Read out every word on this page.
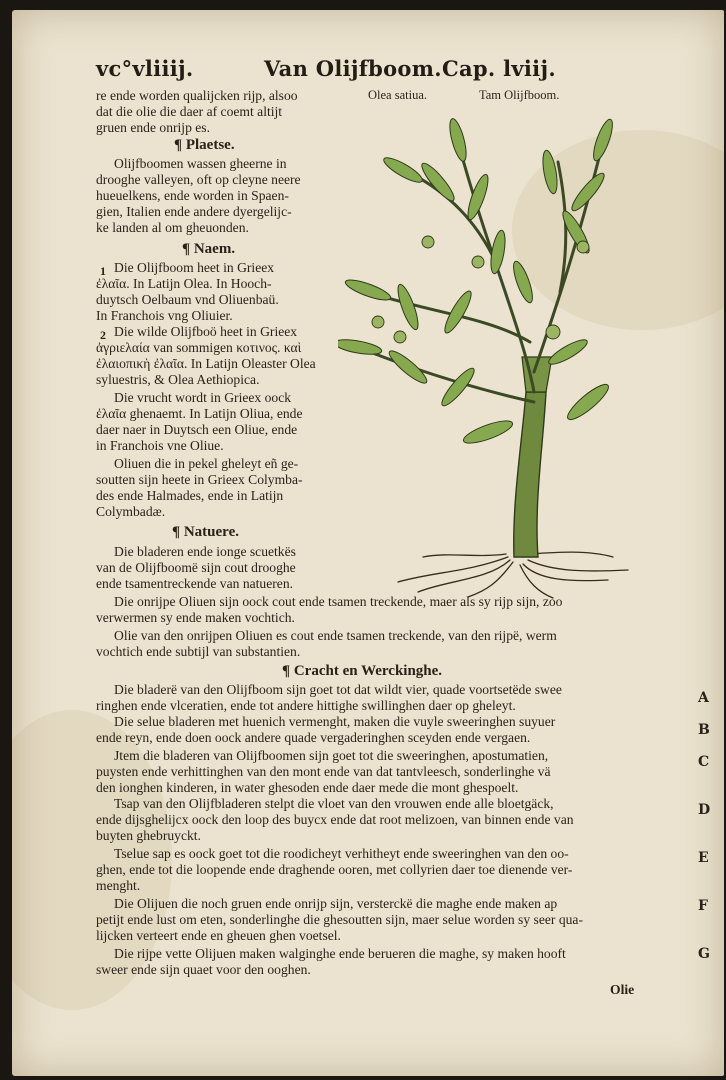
vc°vliiij.	Van Olijfboom. Cap. lviij.
Olea satiua.	Tam Olijfboom.
re ende worden qualijcken rijp, alsoo
dat die olie die daer af coemt altijt
gruen ende onrijp es.
¶ Plaetse.
Olijfboomen wassen gheerne in
drooghe valleyen, oft op cleyne neere
hueuelkens, ende worden in Spaen-
gien, Italien ende andere dyergelijc-
ke landen al om gheuonden.
¶ Naem.
Die Olijfboom heet in Grieex
ἐλαῖα. In Latijn Olea. In Hooch-
duytsch Oelbaum vnd Oliuenbaü.
In Franchois vng Oliuier.
Die wilde Olijfboö heet in Grieex
ἀγριελαία van sommigen κοτινος. καὶ
ἐλαιοπικὴ ἐλαῖα. In Latijn Oleaster Olea
syluestris, & Olea Aethiopica.
Die vrucht wordt in Grieex oock
ἐλαῖα ghenaemt. In Latijn Oliua, ende
daer naer in Duytsch een Oliue, ende
in Franchois vne Oliue.
Oliuen die in pekel gheleyt eñ ge-
soutten sijn heete in Grieex Colymba-
des ende Halmades, ende in Latijn
Colymbadæ.
¶ Natuere.
Die bladeren ende ionge scuetkës
van de Olijfboomë sijn cout drooghe
ende tsamentreckende van natueren.
Die onrijpe Oliuen sijn oock cout ende tsamen treckende, maer als sy rijp sijn, zoo
verwermen sy ende maken vochtich.
Olie van den onrijpen Oliuen es cout ende tsamen treckende, van den rijpë, werm
vochtich ende subtijl van substantien.
¶ Cracht en Werckinghe.
Die bladerë van den Olijfboom sijn goet tot dat wildt vier, quade voortsetëde swee
ringhen ende vlceratien, ende tot andere hittighe swillinghen daer op gheleyt.
Die selue bladeren met huenich vermenght, maken die vuyle sweeringhen suyuer
ende reyn, ende doen oock andere quade vergaderinghen sceyden ende vergaen.
Jtem die bladeren van Olijfboomen sijn goet tot die sweeringhen, apostumatien,
puysten ende verhittinghen van den mont ende van dat tantvleesch, sonderlinghe vä
den ionghen kinderen, in water ghesoden ende daer mede die mont ghespoelt.
Tsap van den Olijfbladeren stelpt die vloet van den vrouwen ende alle bloetgäck,
ende dijsghelijcx oock den loop des buycx ende dat root melizoen, van binnen ende van
buyten ghebruyckt.
Tselue sap es oock goet tot die roodicheyt verhitheyt ende sweeringhen van den oo-
ghen, ende tot die loopende ende draghende ooren, met collyrien daer toe dienende ver-
menght.
Die Olijuen die noch gruen ende onrijp sijn, versterckë die maghe ende maken ap
petijt ende lust om eten, sonderlinghe die ghesoutten sijn, maer selue worden sy seer qua-
lijcken verteert ende en gheuen ghen voetsel.
Die rijpe vette Olijuen maken walginghe ende berueren die maghe, sy maken hooft
sweer ende sijn quaet voor den ooghen.
1
2
A
B
C
D
E
F
G
Olie
